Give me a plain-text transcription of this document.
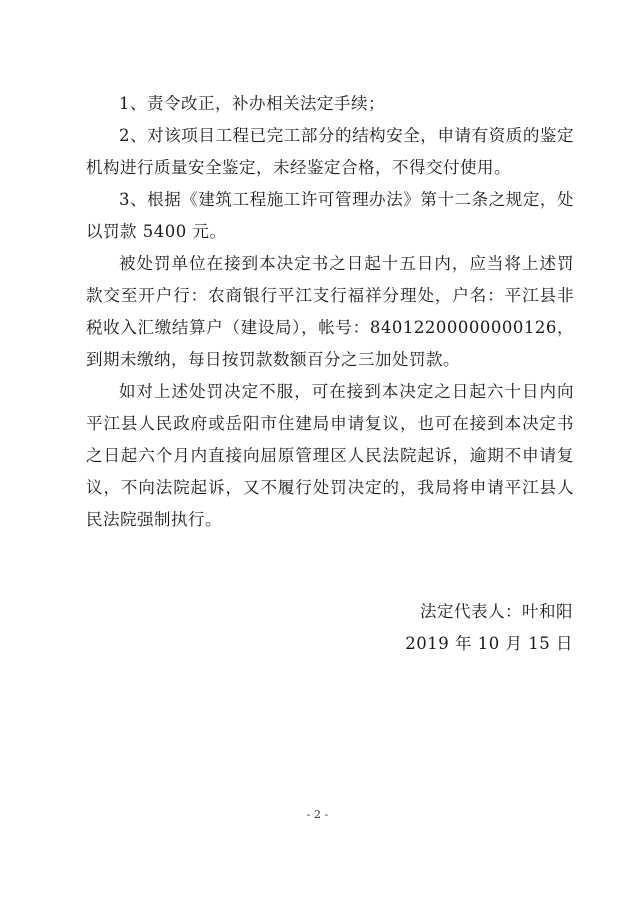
1、责令改正，补办相关法定手续；

2、对该项目工程已完工部分的结构安全，申请有资质的鉴定机构进行质量安全鉴定，未经鉴定合格，不得交付使用。

3、根据《建筑工程施工许可管理办法》第十二条之规定，处以罚款 5400 元。

被处罚单位在接到本决定书之日起十五日内，应当将上述罚款交至开户行：农商银行平江支行福祥分理处，户名：平江县非税收入汇缴结算户（建设局），帐号：84012200000000126，到期未缴纳，每日按罚款数额百分之三加处罚款。

如对上述处罚决定不服，可在接到本决定之日起六十日内向平江县人民政府或岳阳市住建局申请复议，也可在接到本决定书之日起六个月内直接向屈原管理区人民法院起诉，逾期不申请复议，不向法院起诉，又不履行处罚决定的，我局将申请平江县人民法院强制执行。

法定代表人：叶和阳
2019 年 10 月 15 日
- 2 -
